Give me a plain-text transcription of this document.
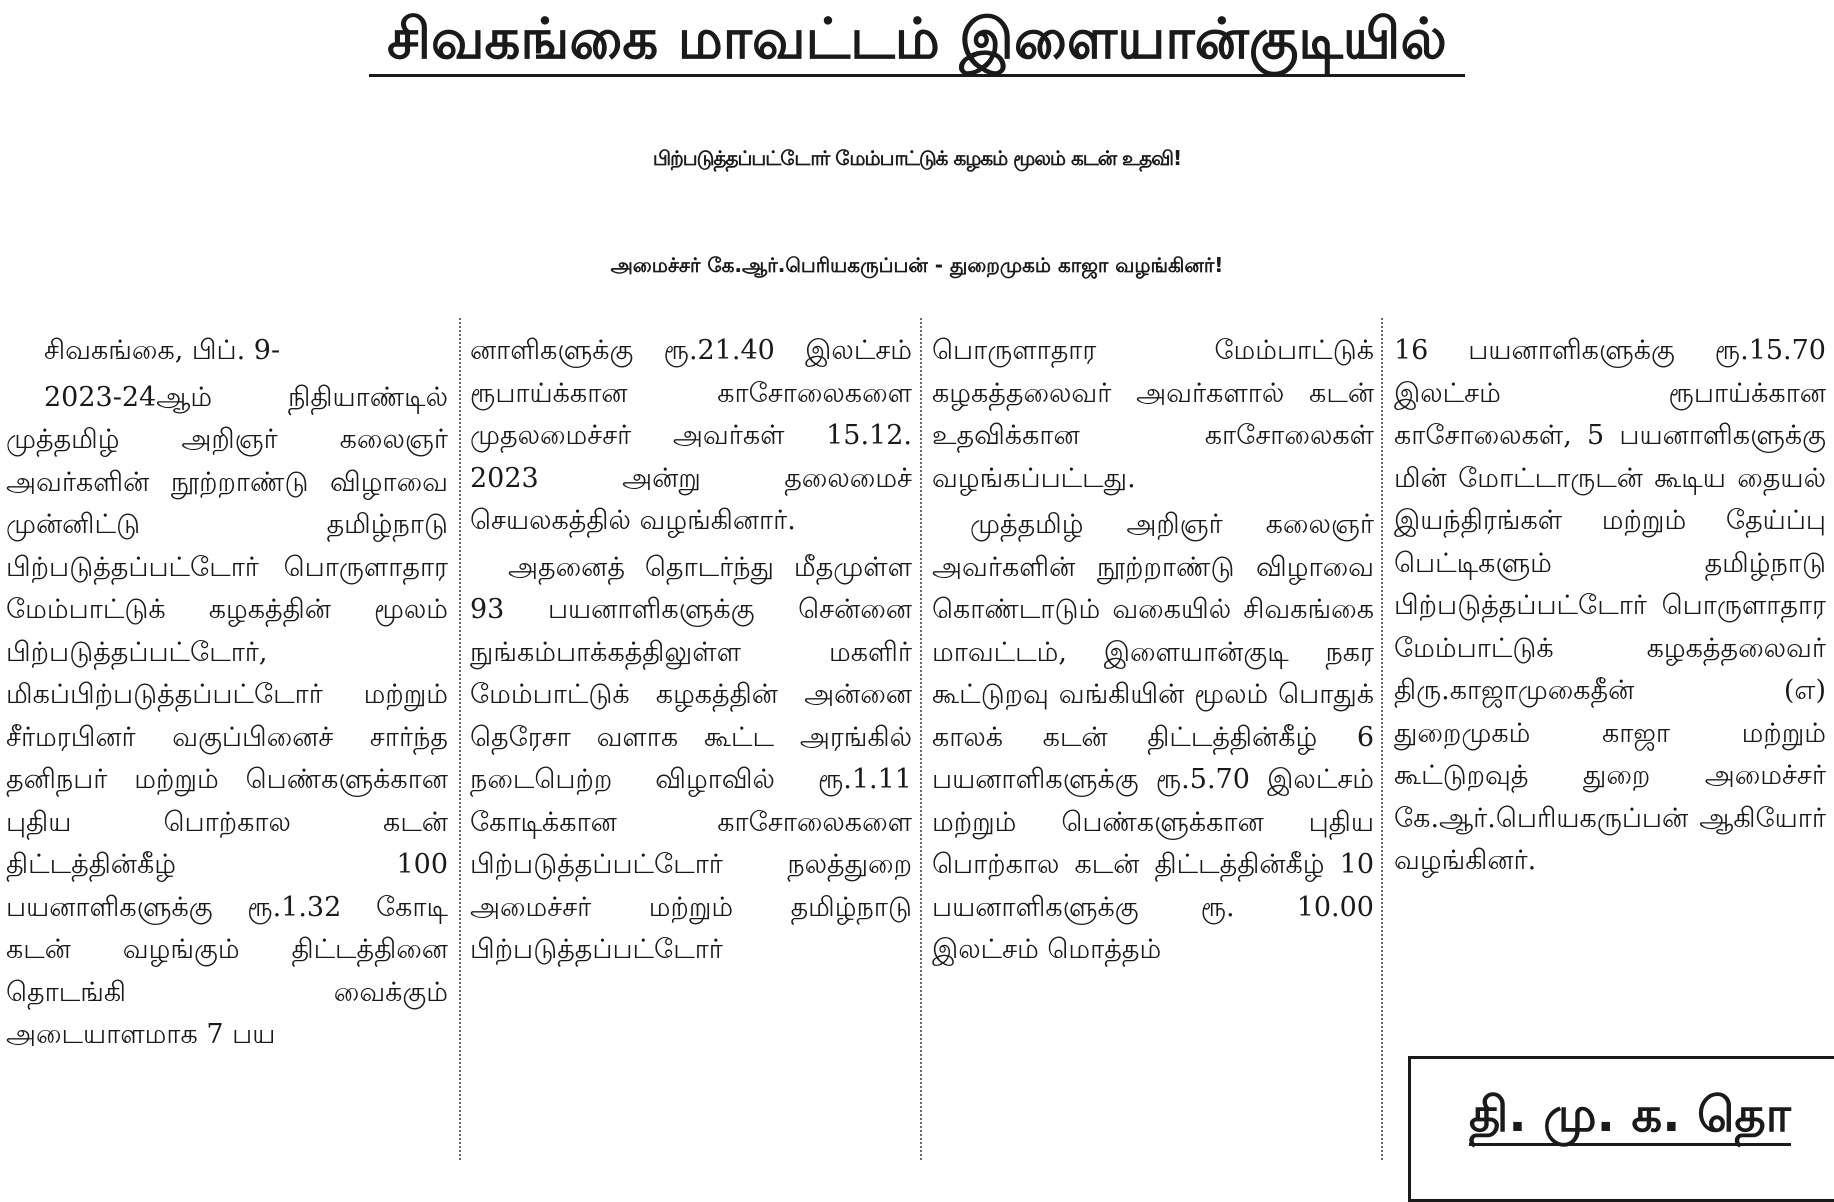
சிவகங்கை மாவட்டம் இளையான்குடியில்
பிற்படுத்தப்பட்டோர் மேம்பாட்டுக் கழகம் மூலம் கடன் உதவி!
அமைச்சர் கே.ஆர்.பெரியகருப்பன் - துறைமுகம் காஜா வழங்கினர்!

சிவகங்கை, பிப். 9-

2023-24ஆம் நிதியாண்டில் முத்தமிழ் அறிஞர் கலைஞர் அவர்களின் நூற்றாண்டு விழாவை முன்னிட்டு தமிழ்நாடு பிற்படுத்தப்பட்டோர் பொருளாதார மேம்பாட்டுக் கழகத்தின் மூலம் பிற்படுத்தப்பட்டோர், மிகப்பிற்படுத்தப்பட்டோர் மற்றும் சீர்மரபினர் வகுப்பினைச் சார்ந்த தனிநபர் மற்றும் பெண்களுக்கான புதிய பொற்கால கடன் திட்டத்தின்கீழ் 100 பயனாளிகளுக்கு ரூ.1.32 கோடி கடன் வழங்கும் திட்டத்தினை தொடங்கி வைக்கும் அடையாளமாக 7 பய

னாளிகளுக்கு ரூ.21.40 இலட்சம் ரூபாய்க்கான காசோலைகளை முதலமைச்சர் அவர்கள் 15.12. 2023 அன்று தலைமைச் செயலகத்தில் வழங்கினார்.

அதனைத் தொடர்ந்து மீதமுள்ள 93 பயனாளிகளுக்கு சென்னை நுங்கம்பாக்கத்திலுள்ள மகளிர் மேம்பாட்டுக் கழகத்தின் அன்னை தெரேசா வளாக கூட்ட அரங்கில் நடைபெற்ற விழாவில் ரூ.1.11 கோடிக்கான காசோலைகளை பிற்படுத்தப்பட்டோர் நலத்துறை அமைச்சர் மற்றும் தமிழ்நாடு பிற்படுத்தப்பட்டோர்

பொருளாதார மேம்பாட்டுக் கழகத்தலைவர் அவர்களால் கடன் உதவிக்கான காசோலைகள் வழங்கப்பட்டது.

முத்தமிழ் அறிஞர் கலைஞர் அவர்களின் நூற்றாண்டு விழாவை கொண்டாடும் வகையில் சிவகங்கை மாவட்டம், இளையான்குடி நகர கூட்டுறவு வங்கியின் மூலம் பொதுக் காலக் கடன் திட்டத்தின்கீழ் 6 பயனாளிகளுக்கு ரூ.5.70 இலட்சம் மற்றும் பெண்களுக்கான புதிய பொற்கால கடன் திட்டத்தின்கீழ் 10 பயனாளிகளுக்கு ரூ. 10.00 இலட்சம் மொத்தம்

16 பயனாளிகளுக்கு ரூ.15.70 இலட்சம் ரூபாய்க்கான காசோலைகள், 5 பயனாளிகளுக்கு மின் மோட்டாருடன் கூடிய தையல் இயந்திரங்கள் மற்றும் தேய்ப்பு பெட்டிகளும் தமிழ்நாடு பிற்படுத்தப்பட்டோர் பொருளாதார மேம்பாட்டுக் கழகத்தலைவர் திரு.காஜாமுகைதீன் (எ) துறைமுகம் காஜா மற்றும் கூட்டுறவுத் துறை அமைச்சர் கே.ஆர்.பெரியகருப்பன் ஆகியோர் வழங்கினர்.

தி. மு. க. தொ
